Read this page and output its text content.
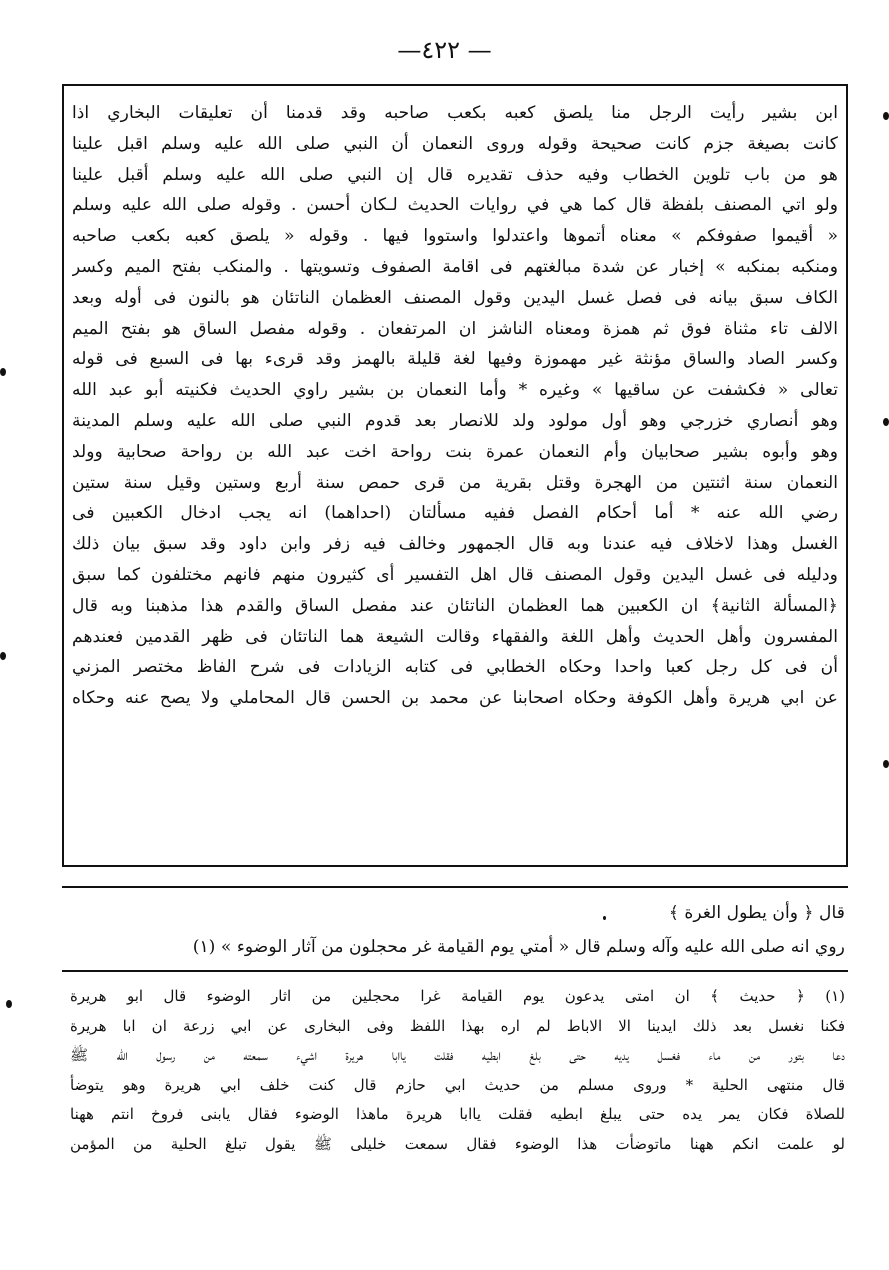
— ٤٢٢—
ابن بشير رأيت الرجل منا يلصق كعبه بكعب صاحبه وقد قدمنا أن تعليقات البخاري اذا
كانت بصيغة جزم كانت صحيحة وقوله وروى النعمان أن النبي صلى الله عليه وسلم اقبل علينا
هو من باب تلوين الخطاب وفيه حذف تقديره قال إن النبي صلى الله عليه وسلم أقبل علينا
ولو اتي المصنف بلفظة قال كما هي في روايات الحديث لـكان أحسن . وقوله صلى الله عليه وسلم
« أقيموا صفوفكم » معناه أتموها واعتدلوا واستووا فيها . وقوله « يلصق كعبه بكعب صاحبه
ومنكبه بمنكبه » إخبار عن شدة مبالغتهم فى اقامة الصفوف وتسويتها . والمنكب بفتح الميم وكسر
الكاف سبق بيانه فى فصل غسل اليدين وقول المصنف العظمان الناتئان هو بالنون فى أوله وبعد
الالف تاء مثناة فوق ثم همزة ومعناه الناشز ان المرتفعان . وقوله مفصل الساق هو بفتح الميم
وكسر الصاد والساق مؤنثة غير مهموزة وفيها لغة قليلة بالهمز وقد قرىء بها فى السبع فى قوله
تعالى « فكشفت عن ساقيها » وغيره * وأما النعمان بن بشير راوي الحديث فكنيته أبو عبد الله
وهو أنصاري خزرجي وهو أول مولود ولد للانصار بعد قدوم النبي صلى الله عليه وسلم المدينة
وهو وأبوه بشير صحابيان وأم النعمان عمرة بنت رواحة اخت عبد الله بن رواحة صحابية وولد
النعمان سنة اثنتين من الهجرة وقتل بقرية من قرى حمص سنة أربع وستين وقيل سنة ستين
رضي الله عنه * أما أحكام الفصل ففيه مسألتان (احداهما) انه يجب ادخال الكعبين فى
الغسل وهذا لاخلاف فيه عندنا وبه قال الجمهور وخالف فيه زفر وابن داود وقد سبق بيان ذلك
ودليله فى غسل اليدين وقول المصنف قال اهل التفسير أى كثيرون منهم فانهم مختلفون كما سبق
﴿المسألة الثانية﴾ ان الكعبين هما العظمان الناتئان عند مفصل الساق والقدم هذا مذهبنا وبه قال
المفسرون وأهل الحديث وأهل اللغة والفقهاء وقالت الشيعة هما الناتئان فى ظهر القدمين فعندهم
أن فى كل رجل كعبا واحدا وحكاه الخطابي فى كتابه الزيادات فى شرح الفاظ مختصر المزني
عن ابي هريرة وأهل الكوفة وحكاه اصحابنا عن محمد بن الحسن قال المحاملي ولا يصح عنه وحكاه
قال ﴿ وأن يطول الغرة ﴾
روي انه صلى الله عليه وآله وسلم قال « أمتي يوم القيامة غر محجلون من آثار الوضوء » (١)
(١) ﴿ حديث ﴾ ان امتى يدعون يوم القيامة غرا محجلين من اثار الوضوء قال ابو هريرة
فكنا نغسل بعد ذلك ايدينا الا الاباط لم اره بهذا اللفظ وفى البخارى عن ابي زرعة ان ابا هريرة
دعا بتور من ماء فغسل يديه حتى بلغ ابطيه فقلت ياابا هريرة اشيء سمعته من رسول الله ﷺ
قال منتهى الحلية * وروى مسلم من حديث ابي حازم قال كنت خلف ابي هريرة وهو يتوضأ
للصلاة فكان يمر يده حتى يبلغ ابطيه فقلت ياابا هريرة ماهذا الوضوء فقال يابنى فروخ انتم ههنا
لو علمت انكم ههنا ماتوضأت هذا الوضوء فقال سمعت خليلى ﷺ يقول تبلغ الحلية من المؤمن
